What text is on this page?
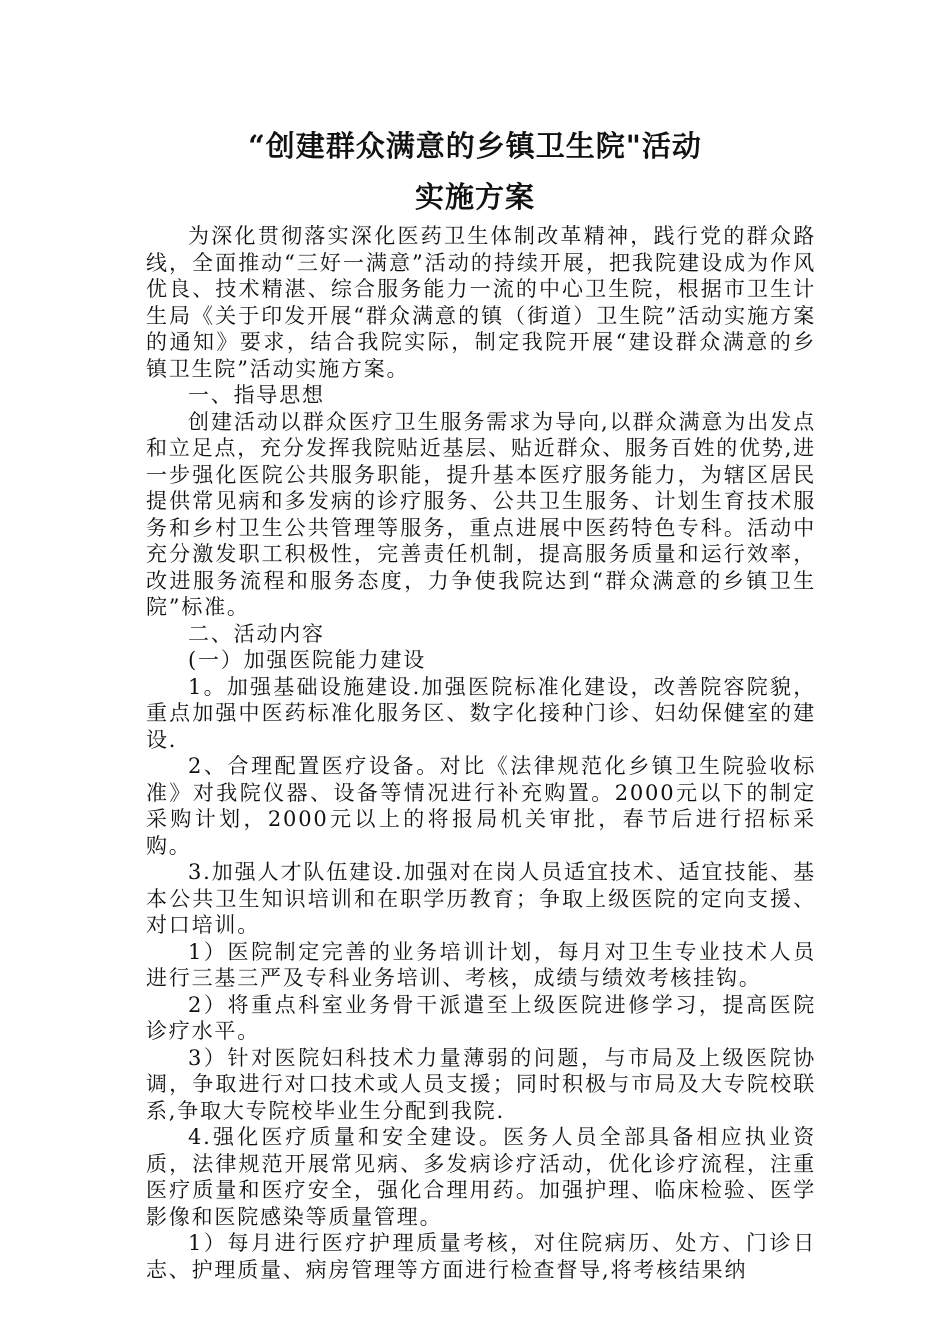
“创建群众满意的乡镇卫生院"活动
实施方案

为深化贯彻落实深化医药卫生体制改革精神，践行党的群众路线，全面推动“三好一满意”活动的持续开展，把我院建设成为作风优良、技术精湛、综合服务能力一流的中心卫生院，根据市卫生计生局《关于印发开展“群众满意的镇（街道）卫生院”活动实施方案的通知》要求，结合我院实际，制定我院开展“建设群众满意的乡镇卫生院”活动实施方案。

一、指导思想

创建活动以群众医疗卫生服务需求为导向,以群众满意为出发点和立足点，充分发挥我院贴近基层、贴近群众、服务百姓的优势,进一步强化医院公共服务职能，提升基本医疗服务能力，为辖区居民提供常见病和多发病的诊疗服务、公共卫生服务、计划生育技术服务和乡村卫生公共管理等服务，重点进展中医药特色专科。活动中充分激发职工积极性，完善责任机制，提高服务质量和运行效率，改进服务流程和服务态度，力争使我院达到“群众满意的乡镇卫生院”标准。

二、活动内容

(一）加强医院能力建设

1。加强基础设施建设.加强医院标准化建设，改善院容院貌，重点加强中医药标准化服务区、数字化接种门诊、妇幼保健室的建设.

2、合理配置医疗设备。对比《法律规范化乡镇卫生院验收标准》对我院仪器、设备等情况进行补充购置。2000元以下的制定采购计划，2000元以上的将报局机关审批，春节后进行招标采购。

3.加强人才队伍建设.加强对在岗人员适宜技术、适宜技能、基本公共卫生知识培训和在职学历教育；争取上级医院的定向支援、对口培训。

1）医院制定完善的业务培训计划，每月对卫生专业技术人员进行三基三严及专科业务培训、考核，成绩与绩效考核挂钩。

2）将重点科室业务骨干派遣至上级医院进修学习，提高医院诊疗水平。

3）针对医院妇科技术力量薄弱的问题，与市局及上级医院协调，争取进行对口技术或人员支援；同时积极与市局及大专院校联系,争取大专院校毕业生分配到我院.

4.强化医疗质量和安全建设。医务人员全部具备相应执业资质，法律规范开展常见病、多发病诊疗活动，优化诊疗流程，注重医疗质量和医疗安全，强化合理用药。加强护理、临床检验、医学影像和医院感染等质量管理。

1）每月进行医疗护理质量考核，对住院病历、处方、门诊日志、护理质量、病房管理等方面进行检查督导,将考核结果纳
